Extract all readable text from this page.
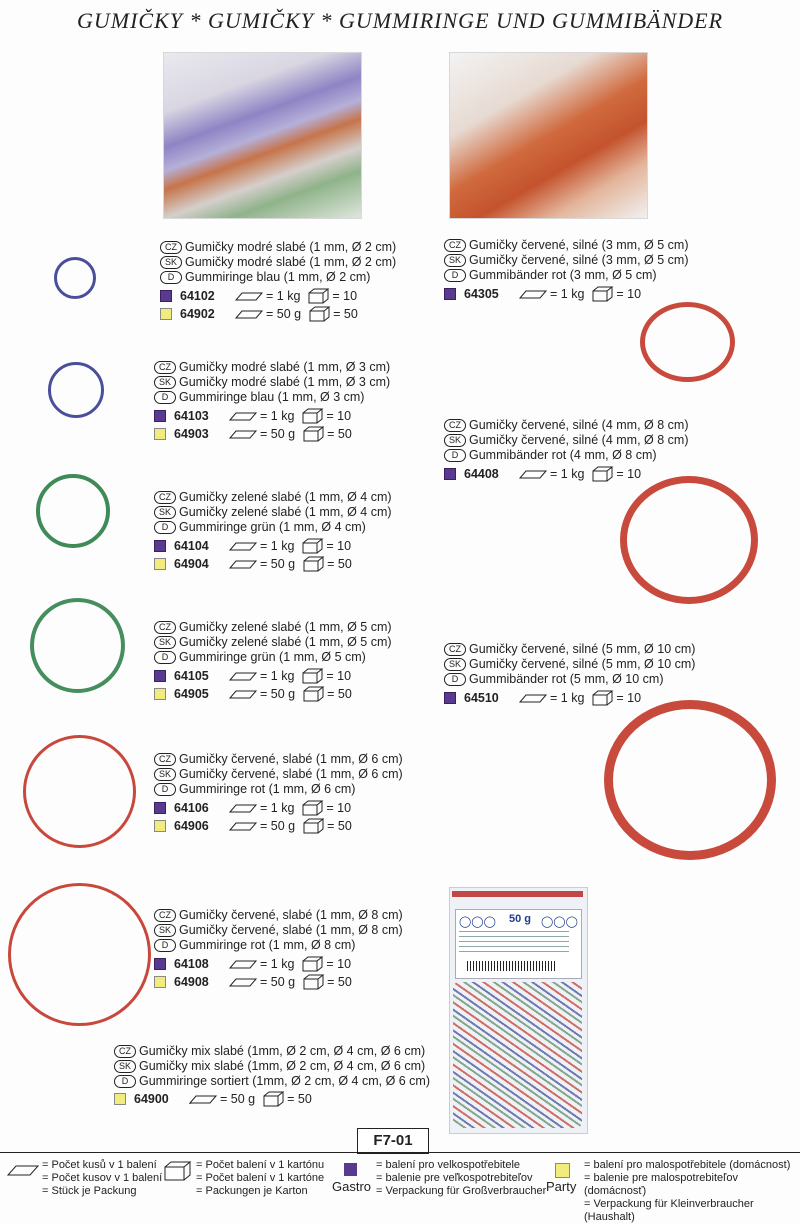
GUMIČKY * GUMIČKY * GUMMIRINGE UND GUMMIBÄNDER
CZ Gumičky modré slabé (1 mm, Ø 2 cm)
SK Gumičky modré slabé (1 mm, Ø 2 cm)
D Gummiringe blau (1 mm, Ø 2 cm)
64102	= 1 kg	= 10
64902	= 50 g	= 50
CZ Gumičky modré slabé (1 mm, Ø 3 cm)
SK Gumičky modré slabé (1 mm, Ø 3 cm)
D Gummiringe blau (1 mm, Ø 3 cm)
64103	= 1 kg	= 10
64903	= 50 g	= 50
CZ Gumičky zelené slabé (1 mm, Ø 4 cm)
SK Gumičky zelené slabé (1 mm, Ø 4 cm)
D Gummiringe grün (1 mm, Ø 4 cm)
64104	= 1 kg	= 10
64904	= 50 g	= 50
CZ Gumičky zelené slabé (1 mm, Ø 5 cm)
SK Gumičky zelené slabé (1 mm, Ø 5 cm)
D Gummiringe grün (1 mm, Ø 5 cm)
64105	= 1 kg	= 10
64905	= 50 g	= 50
CZ Gumičky červené, slabé (1 mm, Ø 6 cm)
SK Gumičky červené, slabé (1 mm, Ø 6 cm)
D Gummiringe rot (1 mm, Ø 6 cm)
64106	= 1 kg	= 10
64906	= 50 g	= 50
CZ Gumičky červené, slabé (1 mm, Ø 8 cm)
SK Gumičky červené, slabé (1 mm, Ø 8 cm)
D Gummiringe rot (1 mm, Ø 8 cm)
64108	= 1 kg	= 10
64908	= 50 g	= 50
CZ Gumičky červené, silné (3 mm, Ø 5 cm)
SK Gumičky červené, silné (3 mm, Ø 5 cm)
D Gummibänder rot (3 mm, Ø 5 cm)
64305	= 1 kg	= 10
CZ Gumičky červené, silné (4 mm, Ø 8 cm)
SK Gumičky červené, silné (4 mm, Ø 8 cm)
D Gummibänder rot (4 mm, Ø 8 cm)
64408	= 1 kg	= 10
CZ Gumičky červené, silné (5 mm, Ø 10 cm)
SK Gumičky červené, silné (5 mm, Ø 10 cm)
D Gummibänder rot (5 mm, Ø 10 cm)
64510	= 1 kg	= 10
CZ Gumičky mix slabé (1mm, Ø 2 cm, Ø 4 cm, Ø 6 cm)
SK Gumičky mix slabé (1mm, Ø 2 cm, Ø 4 cm, Ø 6 cm)
D Gummiringe sortiert (1mm, Ø 2 cm, Ø 4 cm, Ø 6 cm)
64900	= 50 g	= 50
◯◯◯ 50 g ◯◯◯
F7-01
= Počet kusů v 1 balení
= Počet kusov v 1 balení
= Stück je Packung
= Počet balení v 1 kartónu
= Počet balení v 1 kartóne
= Packungen je Karton	Gastro
= balení pro velkospotřebitele
= balenie pre veľkospotrebiteľov
= Verpackung für Großverbraucher Party
= balení pro malospotřebitele (domácnost)
= balenie pre malospotrebiteľov (domácnosť)
= Verpackung für Kleinverbraucher (Haushalt)
